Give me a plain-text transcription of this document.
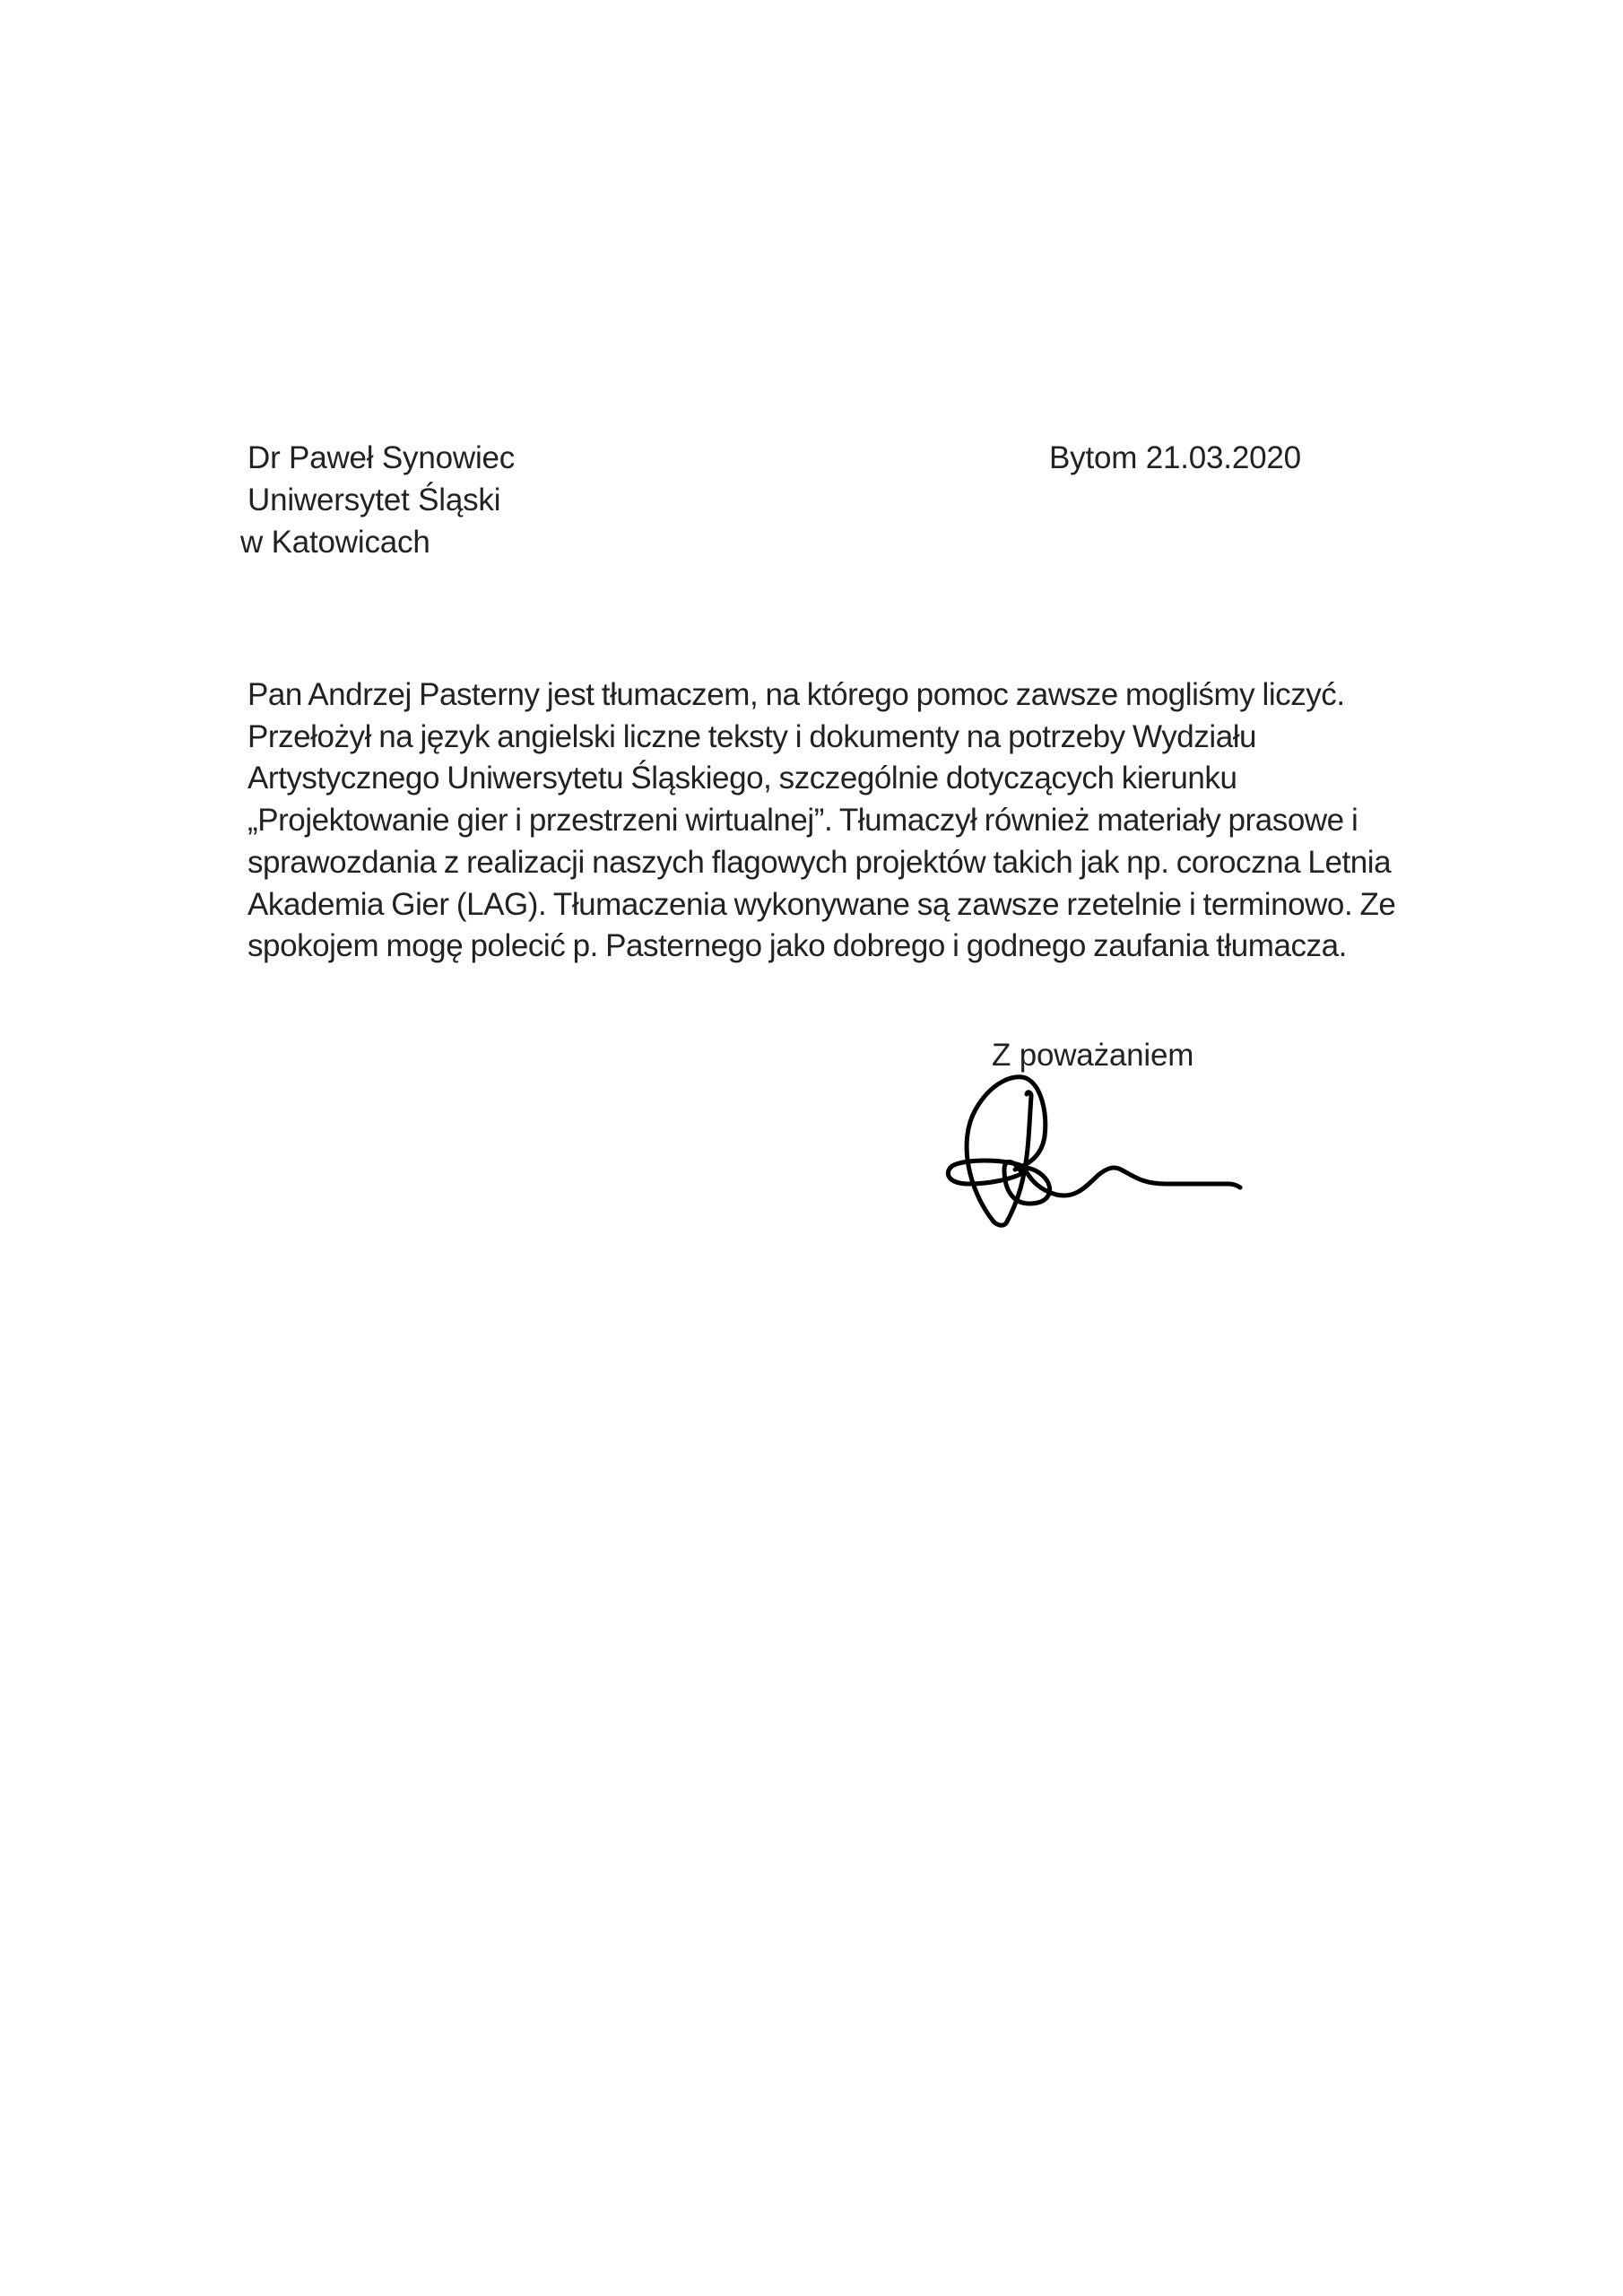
Dr Paweł Synowiec
Uniwersytet Śląski
w Katowicach
Bytom 21.03.2020
Pan Andrzej Pasterny jest tłumaczem, na którego pomoc zawsze mogliśmy liczyć.
Przełożył na język angielski liczne teksty i dokumenty na potrzeby Wydziału
Artystycznego Uniwersytetu Śląskiego, szczególnie dotyczących kierunku
„Projektowanie gier i przestrzeni wirtualnej”. Tłumaczył również materiały prasowe i
sprawozdania z realizacji naszych flagowych projektów takich jak np. coroczna Letnia
Akademia Gier (LAG). Tłumaczenia wykonywane są zawsze rzetelnie i terminowo. Ze
spokojem mogę polecić p. Pasternego jako dobrego i godnego zaufania tłumacza.
Z poważaniem
